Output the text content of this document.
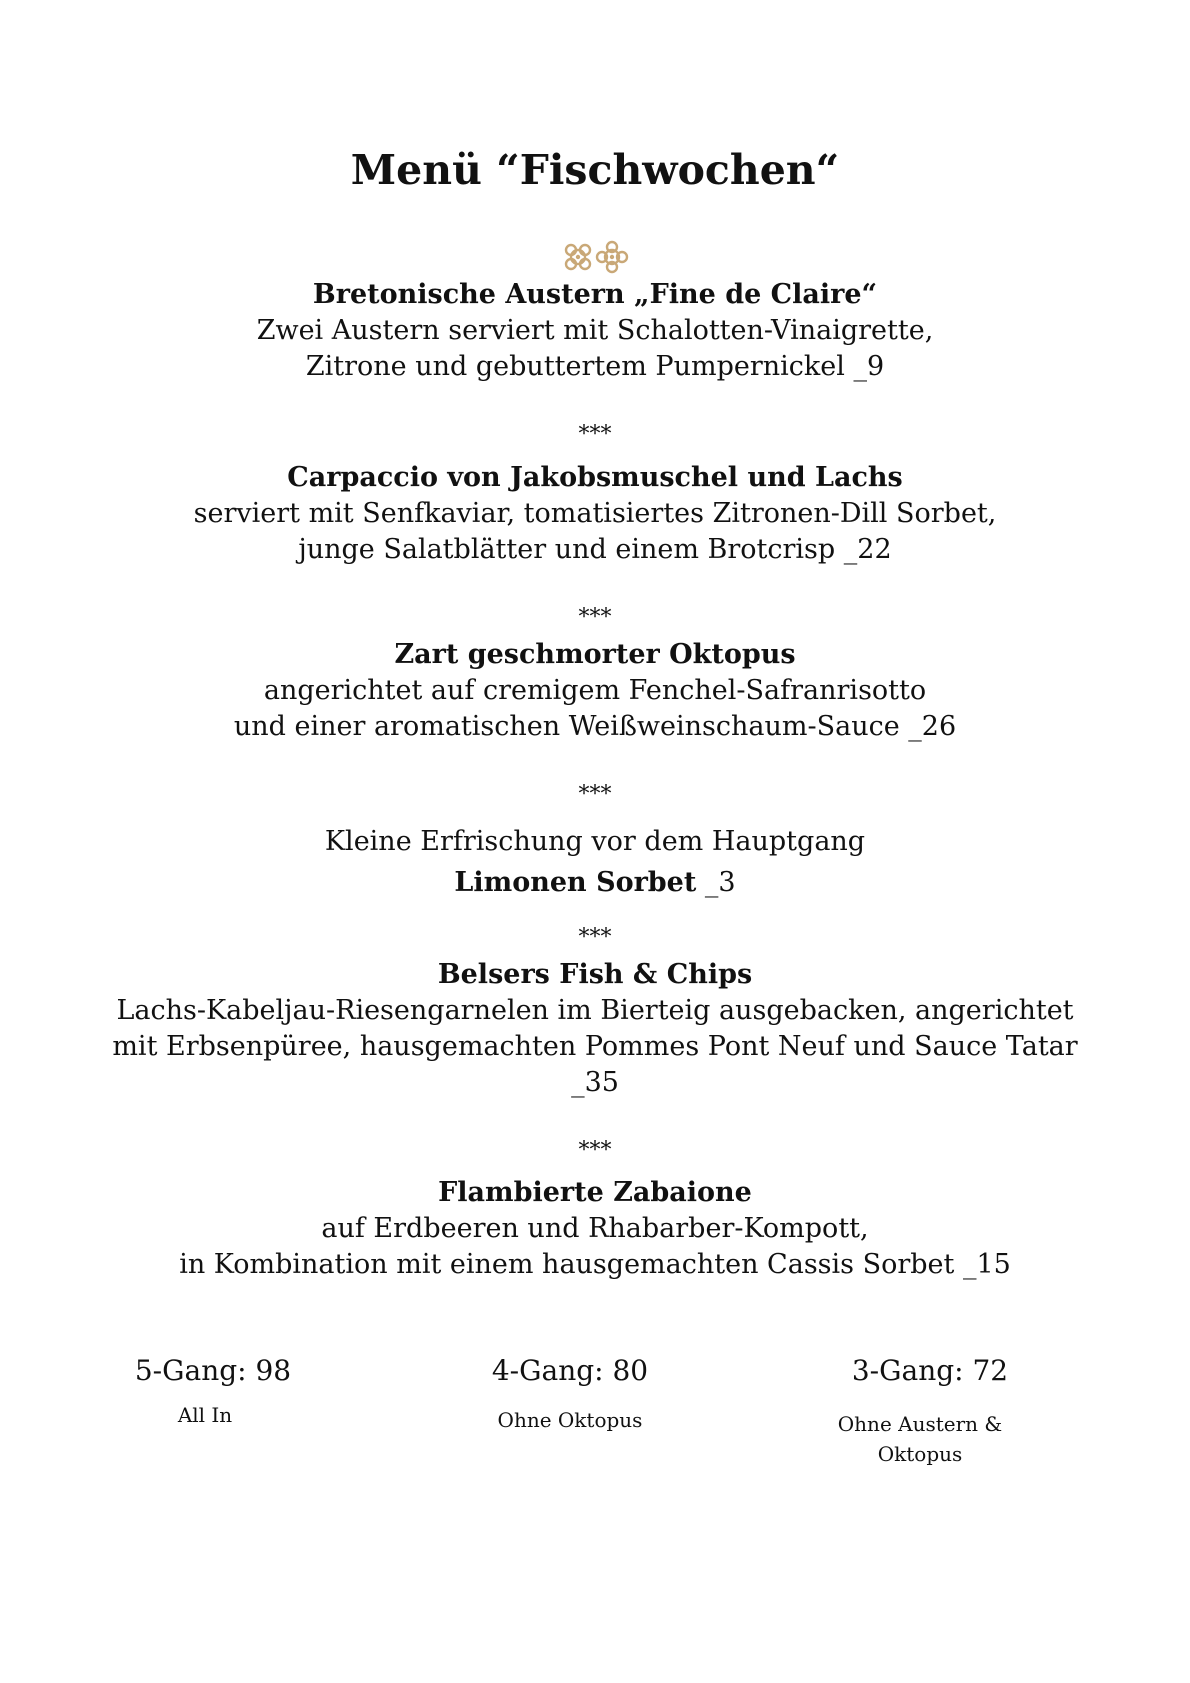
Menü “Fischwochen“
Bretonische Austern „Fine de Claire“
Zwei Austern serviert mit Schalotten-Vinaigrette,
Zitrone und gebuttertem Pumpernickel _9
***
Carpaccio von Jakobsmuschel und Lachs
serviert mit Senfkaviar, tomatisiertes Zitronen-Dill Sorbet,
junge Salatblätter und einem Brotcrisp _22
***
Zart geschmorter Oktopus
angerichtet auf cremigem Fenchel-Safranrisotto
und einer aromatischen Weißweinschaum-Sauce _26
***
Kleine Erfrischung vor dem Hauptgang
Limonen Sorbet _3
***
Belsers Fish & Chips
Lachs-Kabeljau-Riesengarnelen im Bierteig ausgebacken, angerichtet
mit Erbsenpüree, hausgemachten Pommes Pont Neuf und Sauce Tatar
_35
***
Flambierte Zabaione
auf Erdbeeren und Rhabarber-Kompott,
in Kombination mit einem hausgemachten Cassis Sorbet _15
5-Gang: 98
All In
4-Gang: 80
Ohne Oktopus
3-Gang: 72
Ohne Austern & Oktopus
